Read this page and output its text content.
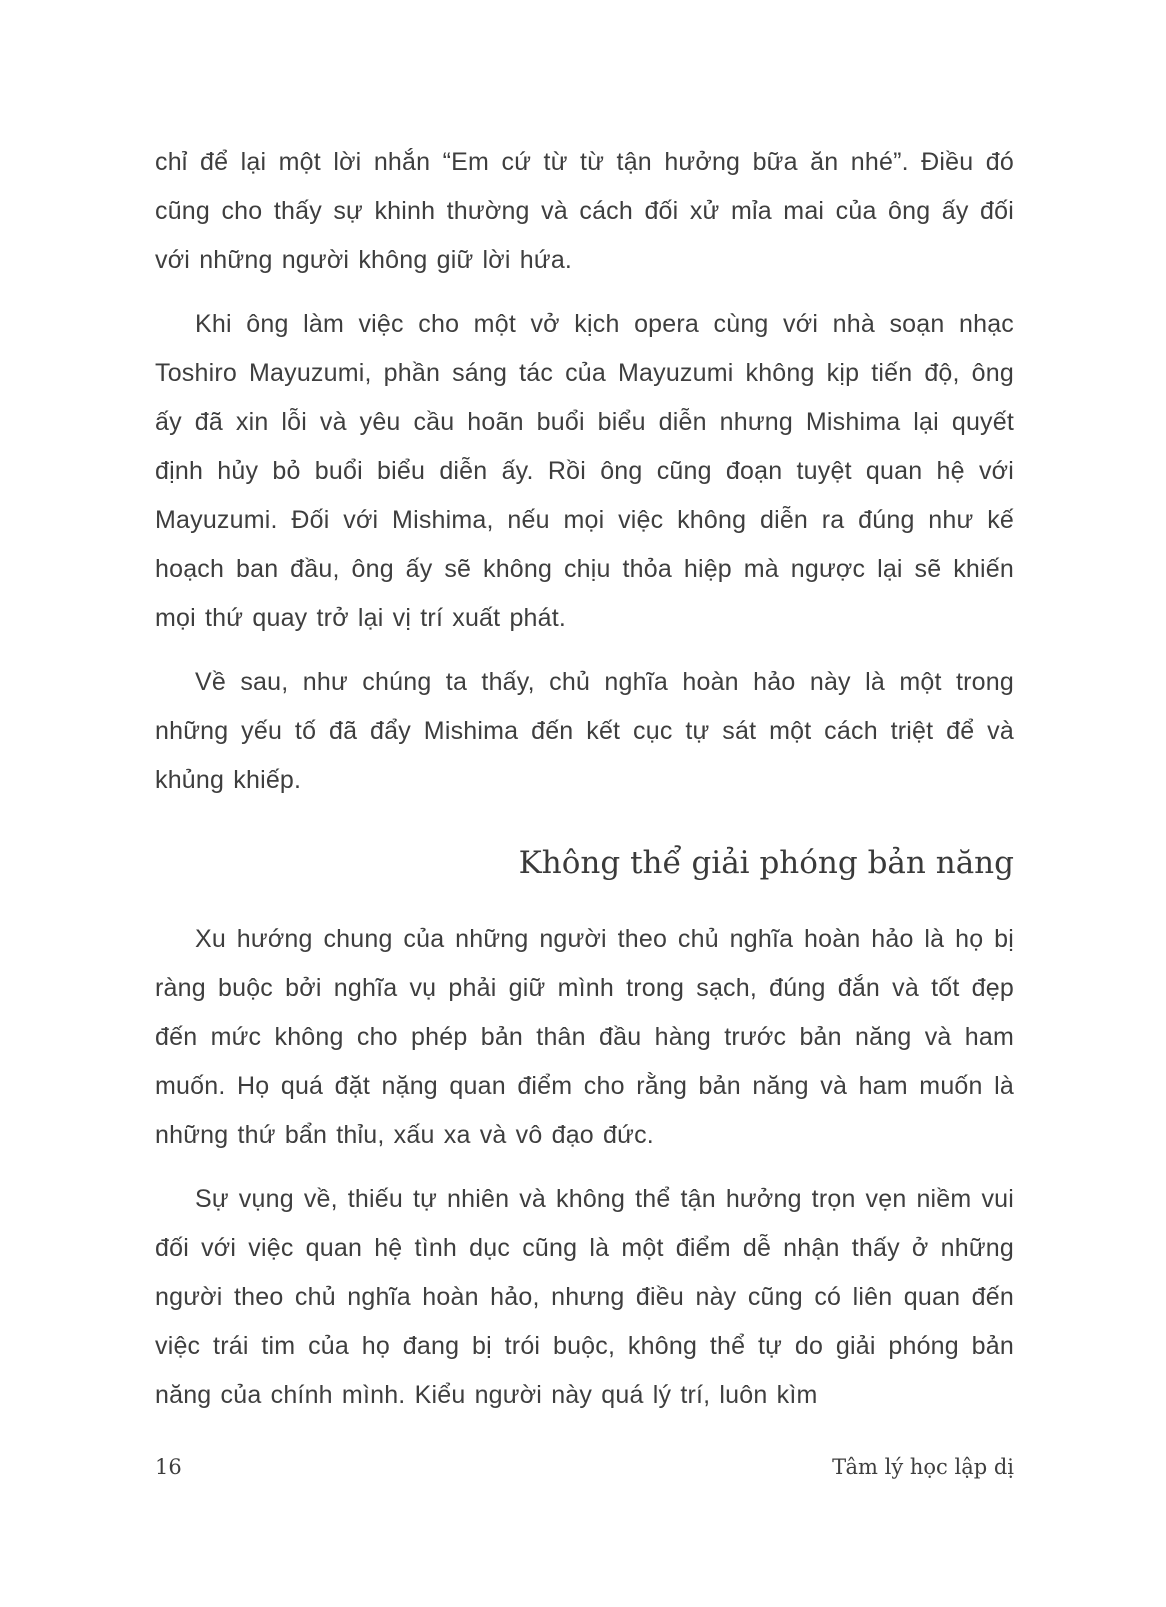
chỉ để lại một lời nhắn “Em cứ từ từ tận hưởng bữa ăn nhé”. Điều đó cũng cho thấy sự khinh thường và cách đối xử mỉa mai của ông ấy đối với những người không giữ lời hứa.

Khi ông làm việc cho một vở kịch opera cùng với nhà soạn nhạc Toshiro Mayuzumi, phần sáng tác của Mayuzumi không kịp tiến độ, ông ấy đã xin lỗi và yêu cầu hoãn buổi biểu diễn nhưng Mishima lại quyết định hủy bỏ buổi biểu diễn ấy. Rồi ông cũng đoạn tuyệt quan hệ với Mayuzumi. Đối với Mishima, nếu mọi việc không diễn ra đúng như kế hoạch ban đầu, ông ấy sẽ không chịu thỏa hiệp mà ngược lại sẽ khiến mọi thứ quay trở lại vị trí xuất phát.

Về sau, như chúng ta thấy, chủ nghĩa hoàn hảo này là một trong những yếu tố đã đẩy Mishima đến kết cục tự sát một cách triệt để và khủng khiếp.

Không thể giải phóng bản năng

Xu hướng chung của những người theo chủ nghĩa hoàn hảo là họ bị ràng buộc bởi nghĩa vụ phải giữ mình trong sạch, đúng đắn và tốt đẹp đến mức không cho phép bản thân đầu hàng trước bản năng và ham muốn. Họ quá đặt nặng quan điểm cho rằng bản năng và ham muốn là những thứ bẩn thỉu, xấu xa và vô đạo đức.

Sự vụng về, thiếu tự nhiên và không thể tận hưởng trọn vẹn niềm vui đối với việc quan hệ tình dục cũng là một điểm dễ nhận thấy ở những người theo chủ nghĩa hoàn hảo, nhưng điều này cũng có liên quan đến việc trái tim của họ đang bị trói buộc, không thể tự do giải phóng bản năng của chính mình. Kiểu người này quá lý trí, luôn kìm

16	Tâm lý học lập dị
